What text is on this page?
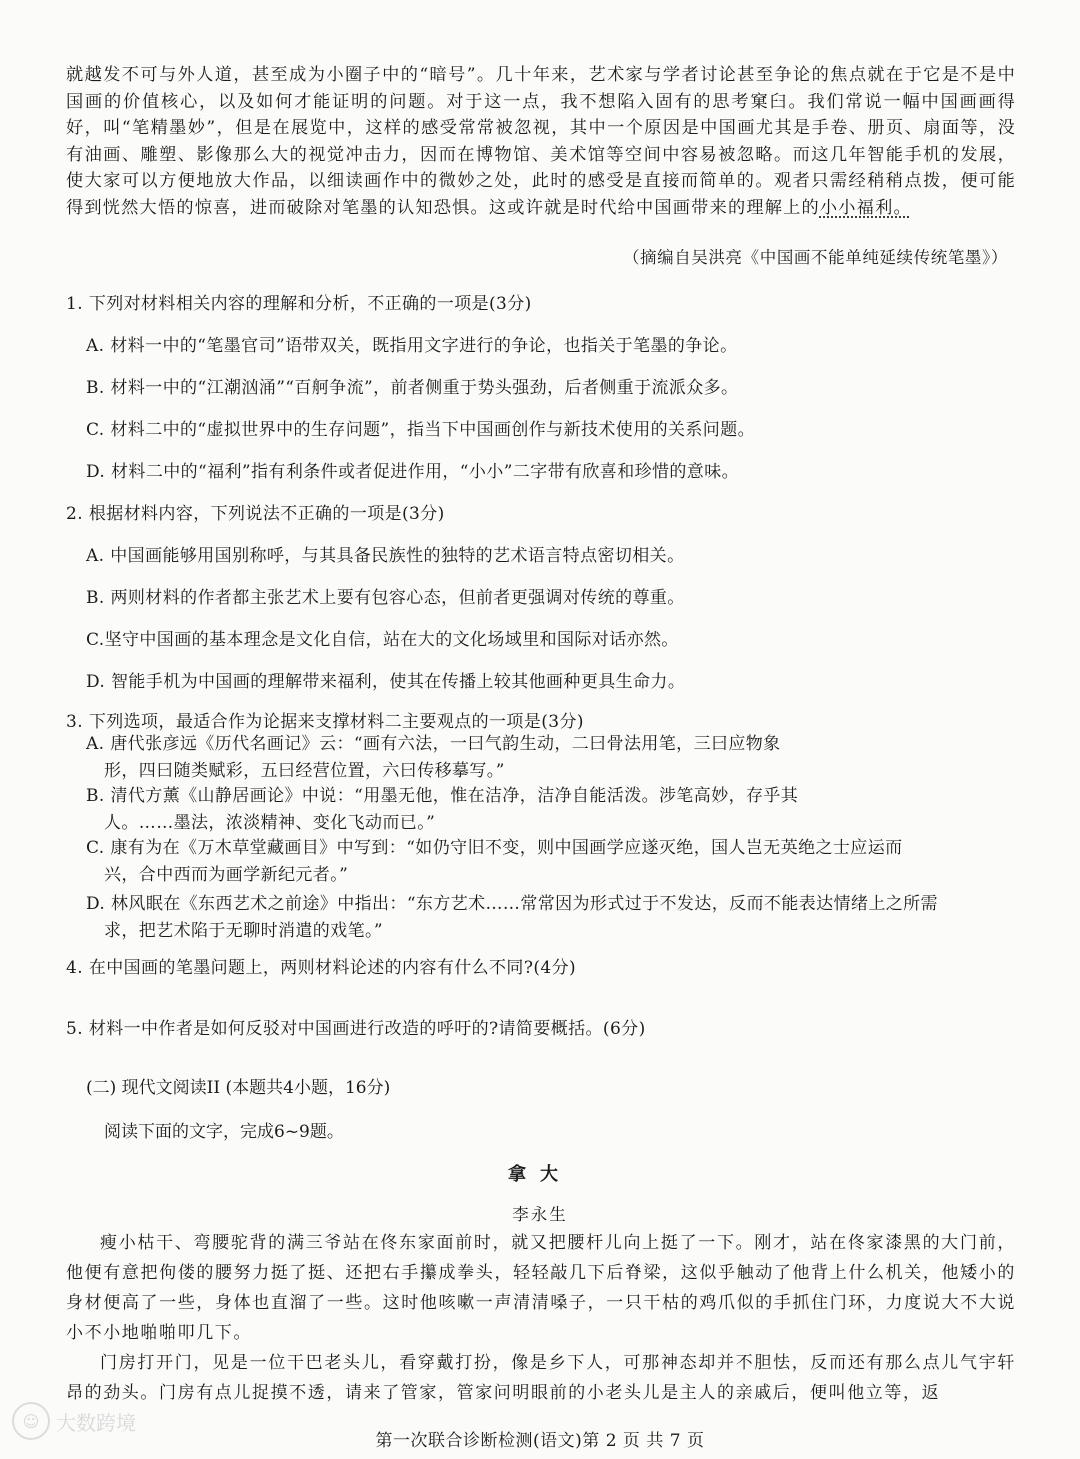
就越发不可与外人道，甚至成为小圈子中的“暗号”。几十年来，艺术家与学者讨论甚至争论的焦点就在于它是不是中国画的价值核心，以及如何才能证明的问题。对于这一点，我不想陷入固有的思考窠臼。我们常说一幅中国画画得好，叫“笔精墨妙”，但是在展览中，这样的感受常常被忽视，其中一个原因是中国画尤其是手卷、册页、扇面等，没有油画、雕塑、影像那么大的视觉冲击力，因而在博物馆、美术馆等空间中容易被忽略。而这几年智能手机的发展，使大家可以方便地放大作品，以细读画作中的微妙之处，此时的感受是直接而简单的。观者只需经稍稍点拨，便可能得到恍然大悟的惊喜，进而破除对笔墨的认知恐惧。这或许就是时代给中国画带来的理解上的小小福利。

（摘编自吴洪亮《中国画不能单纯延续传统笔墨》）
1. 下列对材料相关内容的理解和分析，不正确的一项是(3分)
A. 材料一中的“笔墨官司”语带双关，既指用文字进行的争论，也指关于笔墨的争论。
B. 材料一中的“江潮汹涌”“百舸争流”，前者侧重于势头强劲，后者侧重于流派众多。
C. 材料二中的“虚拟世界中的生存问题”，指当下中国画创作与新技术使用的关系问题。
D. 材料二中的“福利”指有利条件或者促进作用，“小小”二字带有欣喜和珍惜的意味。
2. 根据材料内容，下列说法不正确的一项是(3分)
A. 中国画能够用国别称呼，与其具备民族性的独特的艺术语言特点密切相关。
B. 两则材料的作者都主张艺术上要有包容心态，但前者更强调对传统的尊重。
C.坚守中国画的基本理念是文化自信，站在大的文化场域里和国际对话亦然。
D. 智能手机为中国画的理解带来福利，使其在传播上较其他画种更具生命力。
3. 下列选项，最适合作为论据来支撑材料二主要观点的一项是(3分)
A. 唐代张彦远《历代名画记》云：“画有六法，一曰气韵生动，二曰骨法用笔，三曰应物象
形，四曰随类赋彩，五曰经营位置，六曰传移摹写。”
B. 清代方薰《山静居画论》中说：“用墨无他，惟在洁净，洁净自能活泼。涉笔高妙，存乎其
人。……墨法，浓淡精神、变化飞动而已。”
C. 康有为在《万木草堂藏画目》中写到：“如仍守旧不变，则中国画学应遂灭绝，国人岂无英绝之士应运而
兴，合中西而为画学新纪元者。”
D. 林风眠在《东西艺术之前途》中指出：“东方艺术……常常因为形式过于不发达，反而不能表达情绪上之所需
求，把艺术陷于无聊时消遣的戏笔。”
4. 在中国画的笔墨问题上，两则材料论述的内容有什么不同?(4分)
5. 材料一中作者是如何反驳对中国画进行改造的呼吁的?请简要概括。(6分)
(二) 现代文阅读II (本题共4小题，16分)
阅读下面的文字，完成6~9题。
拿大
李永生

瘦小枯干、弯腰驼背的满三爷站在佟东家面前时，就又把腰杆儿向上挺了一下。刚才，站在佟家漆黑的大门前，他便有意把佝偻的腰努力挺了挺、还把右手攥成拳头，轻轻敲几下后脊梁，这似乎触动了他背上什么机关，他矮小的身材便高了一些，身体也直溜了一些。这时他咳嗽一声清清嗓子，一只干枯的鸡爪似的手抓住门环，力度说大不大说小不小地啪啪叩几下。

门房打开门，见是一位干巴老头儿，看穿戴打扮，像是乡下人，可那神态却并不胆怯，反而还有那么点儿气宇轩昂的劲头。门房有点儿捉摸不透，请来了管家，管家问明眼前的小老头儿是主人的亲戚后，便叫他立等，返

第一次联合诊断检测(语文)第 2 页 共 7 页
☺ 大数跨境
